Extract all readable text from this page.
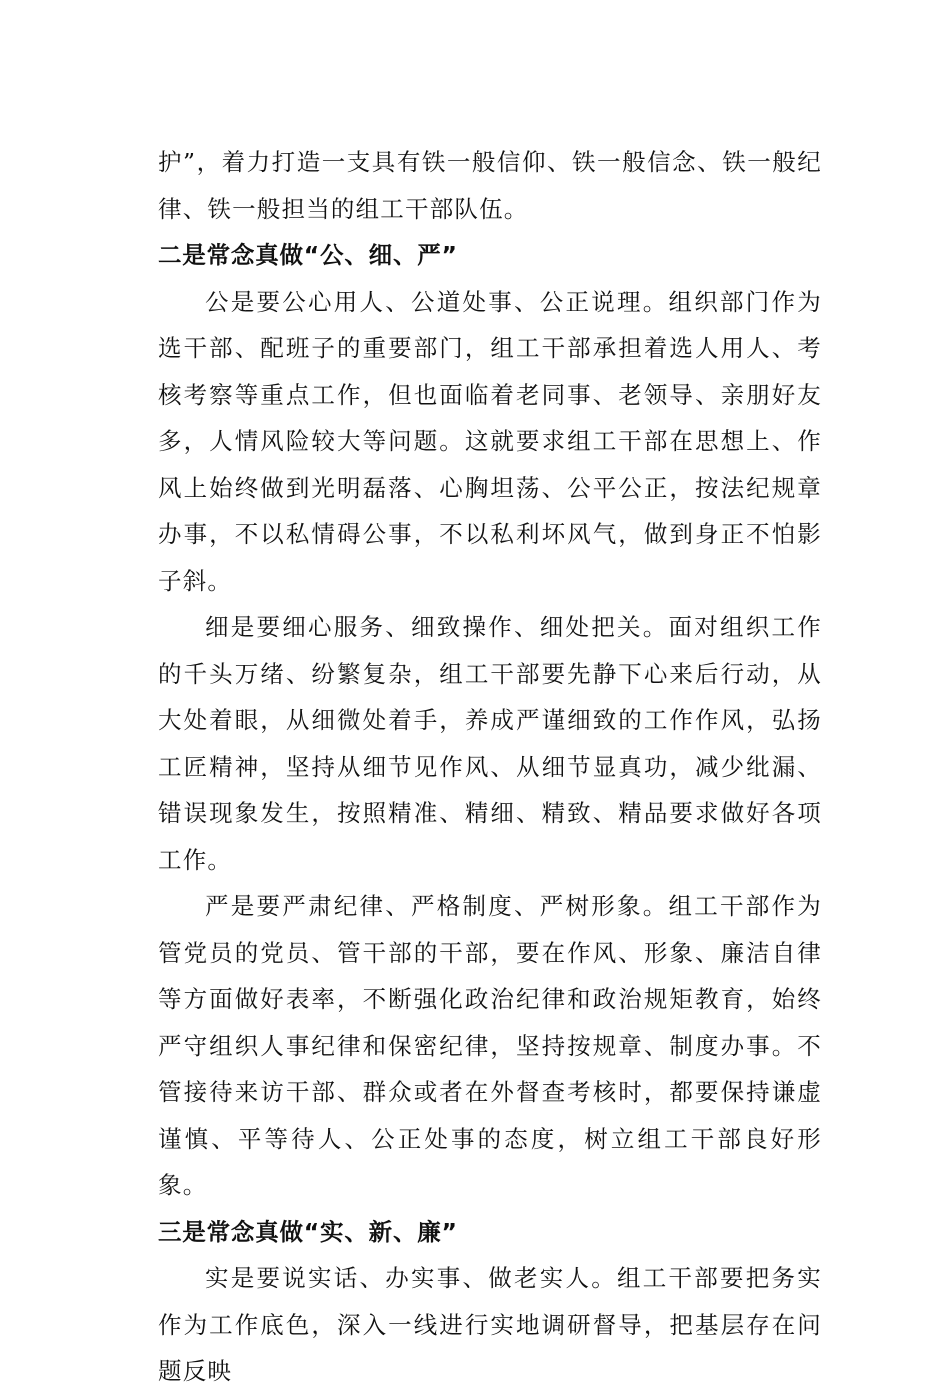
护”，着力打造一支具有铁一般信仰、铁一般信念、铁一般纪律、铁一般担当的组工干部队伍。

二是常念真做“公、细、严”

公是要公心用人、公道处事、公正说理。组织部门作为选干部、配班子的重要部门，组工干部承担着选人用人、考核考察等重点工作，但也面临着老同事、老领导、亲朋好友多，人情风险较大等问题。这就要求组工干部在思想上、作风上始终做到光明磊落、心胸坦荡、公平公正，按法纪规章办事，不以私情碍公事，不以私利坏风气，做到身正不怕影子斜。

细是要细心服务、细致操作、细处把关。面对组织工作的千头万绪、纷繁复杂，组工干部要先静下心来后行动，从大处着眼，从细微处着手，养成严谨细致的工作作风，弘扬工匠精神，坚持从细节见作风、从细节显真功，减少纰漏、错误现象发生，按照精准、精细、精致、精品要求做好各项工作。

严是要严肃纪律、严格制度、严树形象。组工干部作为管党员的党员、管干部的干部，要在作风、形象、廉洁自律等方面做好表率，不断强化政治纪律和政治规矩教育，始终严守组织人事纪律和保密纪律，坚持按规章、制度办事。不管接待来访干部、群众或者在外督查考核时，都要保持谦虚谨慎、平等待人、公正处事的态度，树立组工干部良好形象。

三是常念真做“实、新、廉”

实是要说实话、办实事、做老实人。组工干部要把务实作为工作底色，深入一线进行实地调研督导，把基层存在问题反映
